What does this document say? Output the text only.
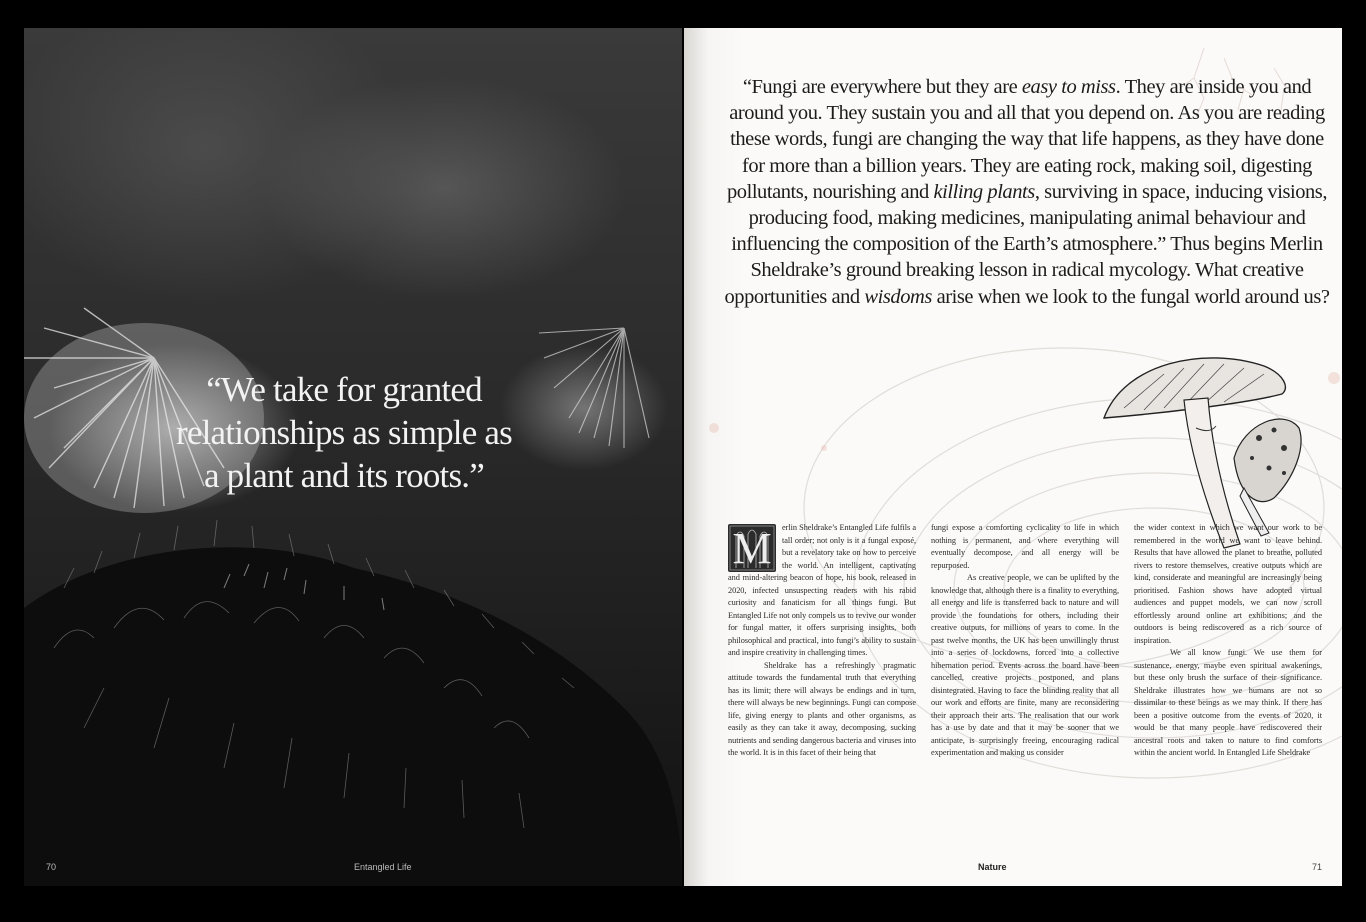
“We take for granted relationships as simple as a plant and its roots.”
70	Entangled Life
“Fungi are everywhere but they are easy to miss. They are inside you and around you. They sustain you and all that you depend on. As you are reading these words, fungi are changing the way that life happens, as they have done for more than a billion years. They are eating rock, making soil, digesting pollutants, nourishing and killing plants, surviving in space, inducing visions, producing food, making medicines, manipulating animal behaviour and influencing the composition of the Earth’s atmosphere.” Thus begins Merlin Sheldrake’s ground breaking lesson in radical mycology. What creative opportunities and wisdoms arise when we look to the fungal world around us?

M	erlin Sheldrake’s Entangled Life fulfils a tall order; not only is it a fungal exposé, but a revelatory take on how to perceive the world. An intelligent, captivating and mind-altering beacon of hope, his book, released in 2020, infected unsuspecting readers with his rabid curiosity and fanaticism for all things fungi. But Entangled Life not only compels us to revive our wonder for fungal matter, it offers surprising insights, both philosophical and practical, into fungi’s ability to sustain and inspire creativity in challenging times.

Sheldrake has a refreshingly pragmatic attitude towards the fundamental truth that everything has its limit; there will always be endings and in turn, there will always be new beginnings. Fungi can compose life, giving energy to plants and other organisms, as easily as they can take it away, decomposing, sucking nutrients and sending dangerous bacteria and viruses into the world. It is in this facet of their being that

fungi expose a comforting cyclicality to life in which nothing is permanent, and where everything will eventually decompose, and all energy will be repurposed.

As creative people, we can be uplifted by the knowledge that, although there is a finality to everything, all energy and life is transferred back to nature and will provide the foundations for others, including their creative outputs, for millions of years to come. In the past twelve months, the UK has been unwillingly thrust into a series of lockdowns, forced into a collective hibernation period. Events across the board have been cancelled, creative projects postponed, and plans disintegrated. Having to face the blinding reality that all our work and efforts are finite, many are reconsidering their approach their arts. The realisation that our work has a use by date and that it may be sooner that we anticipate, is surprisingly freeing, encouraging radical experimentation and making us consider

the wider context in which we want our work to be remembered in the world we want to leave behind. Results that have allowed the planet to breathe, polluted rivers to restore themselves, creative outputs which are kind, considerate and meaningful are increasingly being prioritised. Fashion shows have adopted virtual audiences and puppet models, we can now scroll effortlessly around online art exhibitions; and the outdoors is being rediscovered as a rich source of inspiration.

We all know fungi. We use them for sustenance, energy, maybe even spiritual awakenings, but these only brush the surface of their significance. Sheldrake illustrates how we humans are not so dissimilar to these beings as we may think. If there has been a positive outcome from the events of 2020, it would be that many people have rediscovered their ancestral roots and taken to nature to find comforts within the ancient world. In Entangled Life Sheldrake

Nature	71
